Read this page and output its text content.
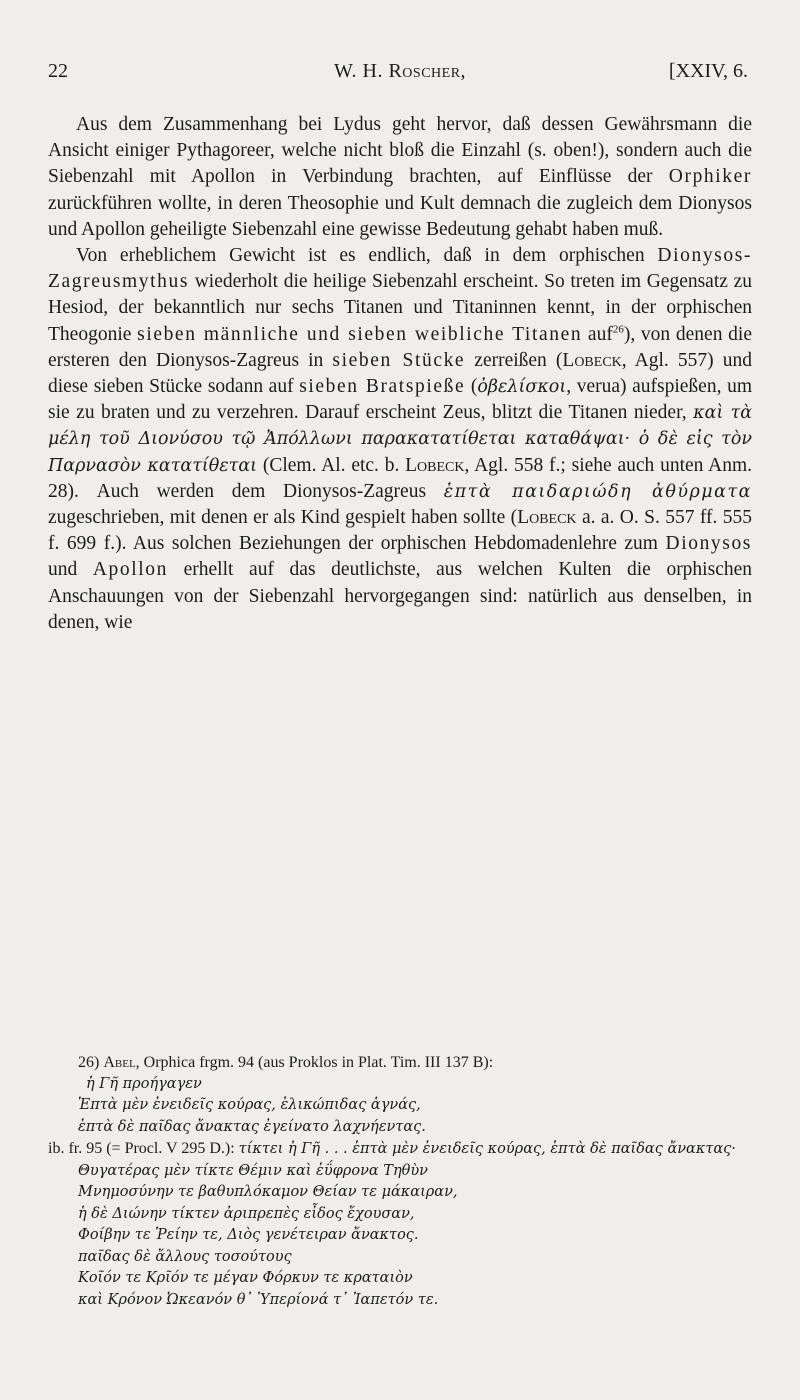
22	W. H. Roscher,	[XXIV, 6.

Aus dem Zusammenhang bei Lydus geht hervor, daß dessen Gewährsmann die Ansicht einiger Pythagoreer, welche nicht bloß die Einzahl (s. oben!), sondern auch die Siebenzahl mit Apollon in Verbindung brachten, auf Einflüsse der Orphiker zurückführen wollte, in deren Theosophie und Kult demnach die zugleich dem Dionysos und Apollon geheiligte Siebenzahl eine gewisse Bedeutung gehabt haben muß.

Von erheblichem Gewicht ist es endlich, daß in dem orphischen Dionysos-Zagreusmythus wiederholt die heilige Siebenzahl erscheint. So treten im Gegensatz zu Hesiod, der bekanntlich nur sechs Titanen und Titaninnen kennt, in der orphischen Theogonie sieben männliche und sieben weibliche Titanen auf$^{26}$), von denen die ersteren den Dionysos-Zagreus in sieben Stücke zerreißen (Lobeck, Agl. 557) und diese sieben Stücke sodann auf sieben Bratspieße (ὀβελίσκοι, verua) aufspießen, um sie zu braten und zu verzehren. Darauf erscheint Zeus, blitzt die Titanen nieder, καὶ τὰ μέλη τοῦ Διονύσου τῷ Ἀπόλλωνι παρακατατίθεται καταθάψαι· ὁ δὲ εἰς τὸν Παρνασὸν κατατίθεται (Clem. Al. etc. b. Lobeck, Agl. 558 f.; siehe auch unten Anm. 28). Auch werden dem Dionysos-Zagreus ἑπτὰ παιδαριώδη ἀθύρματα zugeschrieben, mit denen er als Kind gespielt haben sollte (Lobeck a. a. O. S. 557 ff. 555 f. 699 f.). Aus solchen Beziehungen der orphischen Hebdomadenlehre zum Dionysos und Apollon erhellt auf das deutlichste, aus welchen Kulten die orphischen Anschauungen von der Siebenzahl hervorgegangen sind: natürlich aus denselben, in denen, wie

26) Abel, Orphica frgm. 94 (aus Proklos in Plat. Tim. III 137 B):

ἡ Γῆ προήγαγεν
Ἑπτὰ μὲν ἐνειδεῖς κούρας, ἑλικώπιδας ἁγνάς,
ἑπτὰ δὲ παῖδας ἄνακτας ἐγείνατο λαχνήεντας.

ib. fr. 95 (= Procl. V 295 D.): τίκτει ἡ Γῆ . . . ἑπτὰ μὲν ἐνειδεῖς κούρας, ἑπτὰ δὲ παῖδας ἄνακτας·

Θυγατέρας μὲν τίκτε Θέμιν καὶ ἐΰφρονα Τηθὺν
Μνημοσύνην τε βαθυπλόκαμον Θείαν τε μάκαιραν,
ἡ δὲ Διώνην τίκτεν ἀριπρεπὲς εἶδος ἔχουσαν,
Φοίβην τε Ῥείην τε, Διὸς γενέτειραν ἄνακτος.
παῖδας δὲ ἄλλους τοσούτους
Κοῖόν τε Κρῖόν τε μέγαν Φόρκυν τε κραταιὸν
καὶ Κρόνον Ὠκεανόν θ᾽ Ὑπερίονά τ᾽ Ἰαπετόν τε.
